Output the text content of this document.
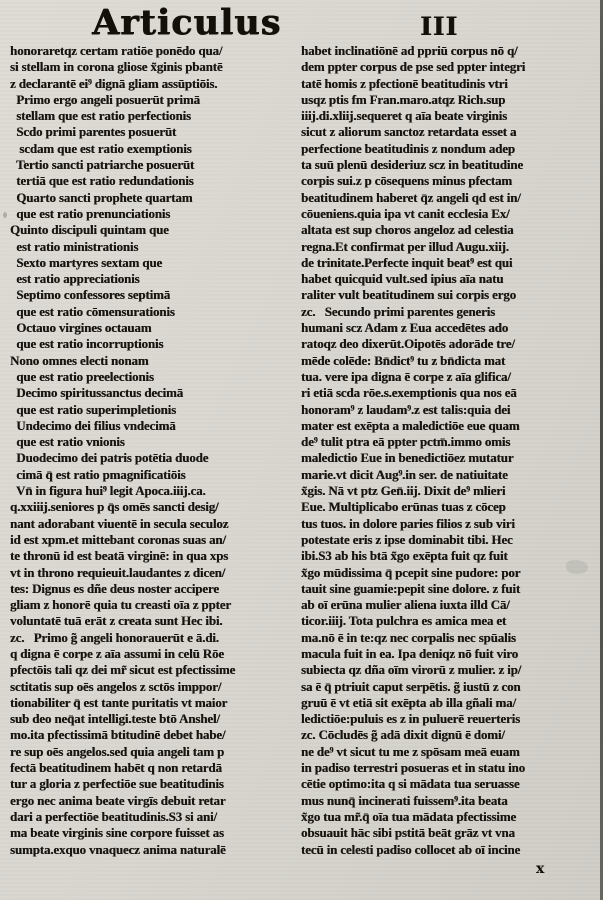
Articulus	III
honoraretqz certam ratiōe ponēdo qua/
si stellam in corona gliose x̃ginis pbantē
z declarantē ei⁹ dignā gliam assūptiōis.
Primo ergo angeli posuerūt primā
stellam que est ratio perfectionis
Scdo primi parentes posuerūt
scdam que est ratio exemptionis
Tertio sancti patriarche posuerūt
tertiā que est ratio redundationis
Quarto sancti prophete quartam
que est ratio prenunciationis
Quinto discipuli quintam que
est ratio ministrationis
Sexto martyres sextam que
est ratio appreciationis
Septimo confessores septimā
que est ratio cōmensurationis
Octauo virgines octauam
que est ratio incorruptionis
Nono omnes electi nonam
que est ratio preelectionis
Decimo spiritussanctus decimā
que est ratio superimpletionis
Undecimo dei filius vndecimā
que est ratio vnionis
Duodecimo dei patris potētia duode
cimā q̄ est ratio pmagnificatiōis
Vn̄ in figura hui⁹ legit Apoca.iiij.ca.
q.xxiiij.seniores p q̄s omēs sancti desig/
nant adorabant viuentē in secula seculoz
id est xpm.et mittebant coronas suas an/
te thronū id est beatā virginē: in qua xps
vt in throno requieuit.laudantes z dicen/
tes: Dignus es dñe deus noster accipere
gliam z honorē quia tu creasti oīa z ppter
voluntatē tuā erāt z creata sunt Hec ibi.
zc.   Primo g̃ angeli honorauerūt e ā.di.
q digna ē corpe z aīa assumi in celū Rōe
pfectōis tali qz dei mr̃ sicut est pfectissime
sctitatis sup oēs angelos z sctōs imppor/
tionabiliter q̄ est tante puritatis vt maior
sub deo neq̄at intelligi.teste btō Anshel/
mo.ita pfectissimā btitudinē debet habe/
re sup oēs angelos.sed quia angeli tam p
fectā beatitudinem habēt q non retardā
tur a gloria z perfectiōe sue beatitudinis
ergo nec anima beate virgīs debuit retar
dari a perfectiōe beatitudinis.S3 si ani/
ma beate virginis sine corpore fuisset as
sumpta.exquo vnaquecz anima naturalē
habet inclinatiōnē ad ppriū corpus nō q/
dem ppter corpus de pse sed ppter integri
tatē homis z pfectionē beatitudinis vtri
usqz ptis fm Fran.maro.atqz Rich.sup
iiij.di.xliij.sequeret q aīa beate virginis
sicut z aliorum sanctoz retardata esset a
perfectione beatitudinis z nondum adep
ta suū plenū desideriuz scz in beatitudine
corpis sui.z p cōsequens minus pfectam
beatitudinem haberet q̄z angeli qd est in/
cōueniens.quia ipa vt canit ecclesia Ex/
altata est sup choros angeloz ad celestia
regna.Et confirmat per illud Augu.xiij.
de trinitate.Perfecte inquit beat⁹ est qui
habet quicquid vult.sed ipius aīa natu
raliter vult beatitudinem sui corpis ergo
zc.   Secundo primi parentes generis
humani scz Adam z Eua accedētes ado
ratoqz deo dixerūt.Oipotēs adorāde tre/
mēde colēde: Bn̄dict⁹ tu z bn̄dicta mat
tua. vere ipa digna ē corpe z aīa glifica/
ri etiā scda rōe.s.exemptionis qua nos eā
honoram⁹ z laudam⁹.z est talis:quia dei
mater est exēpta a maledictiōe eue quam
de⁹ tulit ptra eā ppter pctm̄.immo omis
maledictio Eue in benedictiōez mutatur
marie.vt dicit Aug⁹.in ser. de natiuitate
x̃gis. Nā vt ptz Gen̄.iij. Dixit de⁹ mlieri
Eue. Multiplicabo erūnas tuas z cōcep
tus tuos. in dolore paries filios z sub viri
potestate eris z ipse dominabit tibi. Hec
ibi.S3 ab his btā x̃go exēpta fuit qz fuit
x̃go mūdissima q̄ pcepit sine pudore: por
tauit sine guamie:pepit sine dolore. z fuit
ab oī erūna mulier aliena iuxta illd Cā/
ticor.iiij. Tota pulchra es amica mea et
ma.nō ē in te:qz nec corpalis nec spūalis
macula fuit in ea. Ipa deniqz nō fuit viro
subiecta qz dña oīm virorū z mulier. z ip/
sa ē q̄ ptriuit caput serpētis. g̃ iustū z con
gruū ē vt etiā sit exēpta ab illa gñali ma/
ledictiōe:puluis es z in puluerē reuerteris
zc. Cōcludēs g̃ adā dixit dignū ē domi/
ne de⁹ vt sicut tu me z spōsam meā euam
in padiso terrestri posueras et in statu ino
cētie optimo:ita q si mādata tua seruasse
mus nunq̄ incinerati fuissem⁹.ita beata
x̃go tua mr̃.q̄ oīa tua mādata pfectissime
obsuauit hāc sibi pstitā beāt grāz vt vna
tecū in celesti padiso collocet ab oī incine
x
